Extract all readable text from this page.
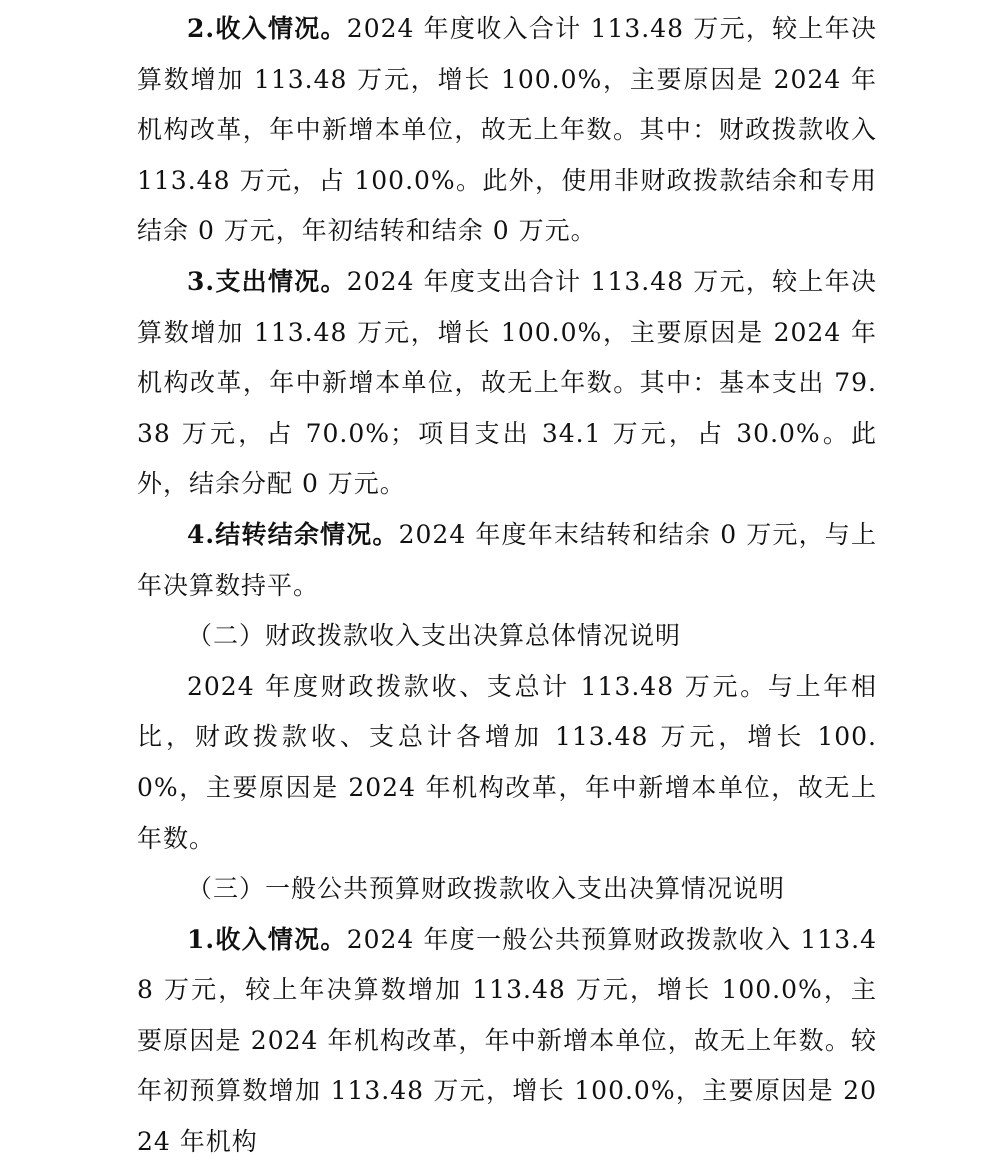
2.收入情况。2024 年度收入合计 113.48 万元，较上年决算数增加 113.48 万元，增长 100.0%，主要原因是 2024 年机构改革，年中新增本单位，故无上年数。其中：财政拨款收入 113.48 万元，占 100.0%。此外，使用非财政拨款结余和专用结余 0 万元，年初结转和结余 0 万元。

3.支出情况。2024 年度支出合计 113.48 万元，较上年决算数增加 113.48 万元，增长 100.0%，主要原因是 2024 年机构改革，年中新增本单位，故无上年数。其中：基本支出 79.38 万元，占 70.0%；项目支出 34.1 万元，占 30.0%。此外，结余分配 0 万元。

4.结转结余情况。2024 年度年末结转和结余 0 万元，与上年决算数持平。

（二）财政拨款收入支出决算总体情况说明

2024 年度财政拨款收、支总计 113.48 万元。与上年相比，财政拨款收、支总计各增加 113.48 万元，增长 100.0%，主要原因是 2024 年机构改革，年中新增本单位，故无上年数。

（三）一般公共预算财政拨款收入支出决算情况说明

1.收入情况。2024 年度一般公共预算财政拨款收入 113.48 万元，较上年决算数增加 113.48 万元，增长 100.0%，主要原因是 2024 年机构改革，年中新增本单位，故无上年数。较年初预算数增加 113.48 万元，增长 100.0%，主要原因是 2024 年机构
